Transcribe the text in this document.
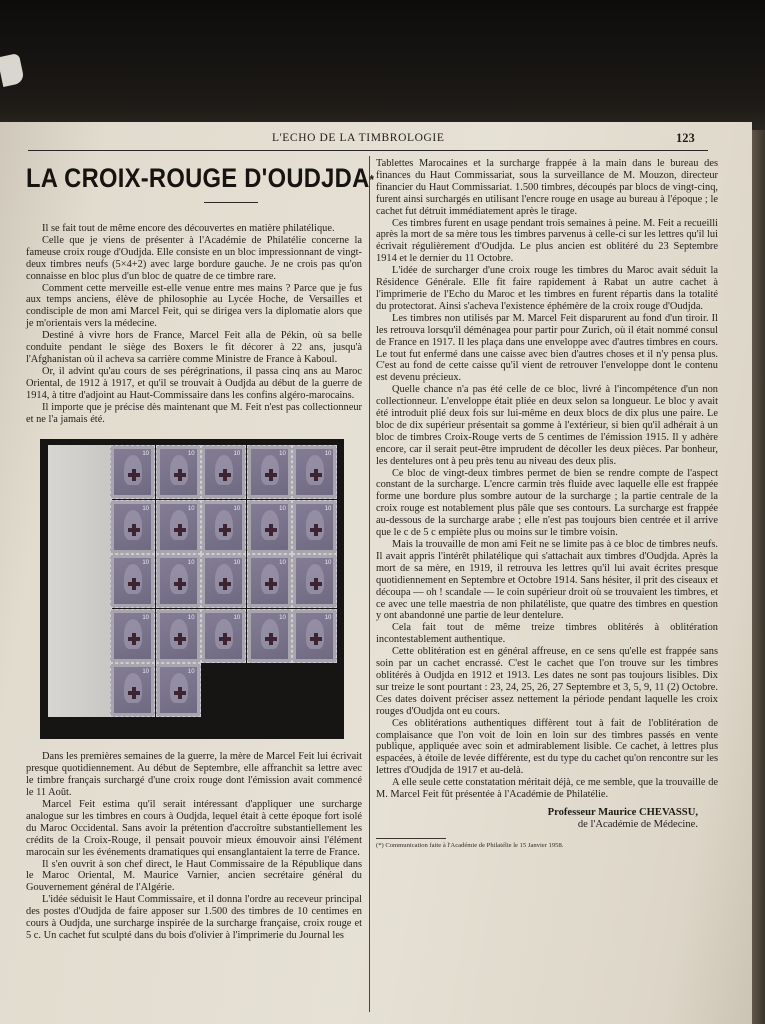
L'ECHO DE LA TIMBROLOGIE	123
LA CROIX-ROUGE D'OUDJDA*

Il se fait tout de même encore des découvertes en matière philatélique.

Celle que je viens de présenter à l'Académie de Philatélie concerne la fameuse croix rouge d'Oudjda. Elle consiste en un bloc impressionnant de vingt-deux timbres neufs (5×4+2) avec large bordure gauche. Je ne crois pas qu'on connaisse en bloc plus d'un bloc de quatre de ce timbre rare.

Comment cette merveille est-elle venue entre mes mains ? Parce que je fus aux temps anciens, élève de philosophie au Lycée Hoche, de Versailles et condisciple de mon ami Marcel Feit, qui se dirigea vers la diplomatie alors que je m'orientais vers la médecine.

Destiné à vivre hors de France, Marcel Feit alla de Pékin, où sa belle conduite pendant le siège des Boxers le fit décorer à 22 ans, jusqu'à l'Afghanistan où il acheva sa carrière comme Ministre de France à Kaboul.

Or, il advint qu'au cours de ses pérégrinations, il passa cinq ans au Maroc Oriental, de 1912 à 1917, et qu'il se trouvait à Oudjda au début de la guerre de 1914, à titre d'adjoint au Haut-Commissaire dans les confins algéro-marocains.

Il importe que je précise dès maintenant que M. Feit n'est pas collectionneur et ne l'a jamais été.

10
10
10
10
10
10
10
10
10
10
10
10
10
10
10
10
10
10
10
10
10
10

Dans les premières semaines de la guerre, la mère de Marcel Feit lui écrivait presque quotidiennement. Au début de Septembre, elle affranchit sa lettre avec le timbre français surchargé d'une croix rouge dont l'émission avait commencé le 11 Août.

Marcel Feit estima qu'il serait intéressant d'appliquer une surcharge analogue sur les timbres en cours à Oudjda, lequel était à cette époque fort isolé du Maroc Occidental. Sans avoir la prétention d'accroître substantiellement les crédits de la Croix-Rouge, il pensait pouvoir mieux émouvoir ainsi l'élément marocain sur les événements dramatiques qui ensanglantaient la terre de France.

Il s'en ouvrit à son chef direct, le Haut Commissaire de la République dans le Maroc Oriental, M. Maurice Varnier, ancien secrétaire général du Gouvernement général de l'Algérie.

L'idée séduisit le Haut Commissaire, et il donna l'ordre au receveur principal des postes d'Oudjda de faire apposer sur 1.500 des timbres de 10 centimes en cours à Oudjda, une surcharge inspirée de la surcharge française, croix rouge et 5 c. Un cachet fut sculpté dans du bois d'olivier à l'imprimerie du Journal les

Tablettes Marocaines et la surcharge frappée à la main dans le bureau des finances du Haut Commissariat, sous la surveillance de M. Mouzon, directeur financier du Haut Commissariat. 1.500 timbres, découpés par blocs de vingt-cinq, furent ainsi surchargés en utilisant l'encre rouge en usage au bureau à l'époque ; le cachet fut détruit immédiatement après le tirage.

Ces timbres furent en usage pendant trois semaines à peine. M. Feit a recueilli après la mort de sa mère tous les timbres parvenus à celle-ci sur les lettres qu'il lui écrivait régulièrement d'Oudjda. Le plus ancien est oblitéré du 23 Septembre 1914 et le dernier du 11 Octobre.

L'idée de surcharger d'une croix rouge les timbres du Maroc avait séduit la Résidence Générale. Elle fit faire rapidement à Rabat un autre cachet à l'imprimerie de l'Echo du Maroc et les timbres en furent répartis dans la totalité du protectorat. Ainsi s'acheva l'existence éphémère de la croix rouge d'Oudjda.

Les timbres non utilisés par M. Marcel Feit disparurent au fond d'un tiroir. Il les retrouva lorsqu'il déménagea pour partir pour Zurich, où il était nommé consul de France en 1917. Il les plaça dans une enveloppe avec d'autres timbres en cours. Le tout fut enfermé dans une caisse avec bien d'autres choses et il n'y pensa plus. C'est au fond de cette caisse qu'il vient de retrouver l'enveloppe dont le contenu est devenu précieux.

Quelle chance n'a pas été celle de ce bloc, livré à l'incompétence d'un non collectionneur. L'enveloppe était pliée en deux selon sa longueur. Le bloc y avait été introduit plié deux fois sur lui-même en deux blocs de dix plus une paire. Le bloc de dix supérieur présentait sa gomme à l'extérieur, si bien qu'il adhérait à un bloc de timbres Croix-Rouge verts de 5 centimes de l'émission 1915. Il y adhère encore, car il serait peut-être imprudent de décoller les deux pièces. Par bonheur, les dentelures ont à peu près tenu au niveau des deux plis.

Ce bloc de vingt-deux timbres permet de bien se rendre compte de l'aspect constant de la surcharge. L'encre carmin très fluide avec laquelle elle est frappée forme une bordure plus sombre autour de la surcharge ; la partie centrale de la croix rouge est notablement plus pâle que ses contours. La surcharge est frappée au-dessous de la surcharge arabe ; elle n'est pas toujours bien centrée et il arrive que le c de 5 c empiète plus ou moins sur le timbre voisin.

Mais la trouvaille de mon ami Feit ne se limite pas à ce bloc de timbres neufs. Il avait appris l'intérêt philatélique qui s'attachait aux timbres d'Oudjda. Après la mort de sa mère, en 1919, il retrouva les lettres qu'il lui avait écrites presque quotidiennement en Septembre et Octobre 1914. Sans hésiter, il prit des ciseaux et découpa — oh ! scandale — le coin supérieur droit où se trouvaient les timbres, et ce avec une telle maestria de non philatéliste, que quatre des timbres en question y ont abandonné une partie de leur dentelure.

Cela fait tout de même treize timbres oblitérés à oblitération incontestablement authentique.

Cette oblitération est en général affreuse, en ce sens qu'elle est frappée sans soin par un cachet encrassé. C'est le cachet que l'on trouve sur les timbres oblitérés à Oudjda en 1912 et 1913. Les dates ne sont pas toujours lisibles. Dix sur treize le sont pourtant : 23, 24, 25, 26, 27 Septembre et 3, 5, 9, 11 (2) Octobre. Ces dates doivent préciser assez nettement la période pendant laquelle les croix rouges d'Oudjda ont eu cours.

Ces oblitérations authentiques diffèrent tout à fait de l'oblitération de complaisance que l'on voit de loin en loin sur des timbres passés en vente publique, appliquée avec soin et admirablement lisible. Ce cachet, à lettres plus espacées, à étoile de levée différente, est du type du cachet qu'on rencontre sur les lettres d'Oudjda de 1917 et au-delà.

A elle seule cette constatation méritait déjà, ce me semble, que la trouvaille de M. Marcel Feit fût présentée à l'Académie de Philatélie.

Professeur Maurice CHEVASSU,
de l'Académie de Médecine.

(*) Communication faite à l'Académie de Philatélie le 15 Janvier 1958.
